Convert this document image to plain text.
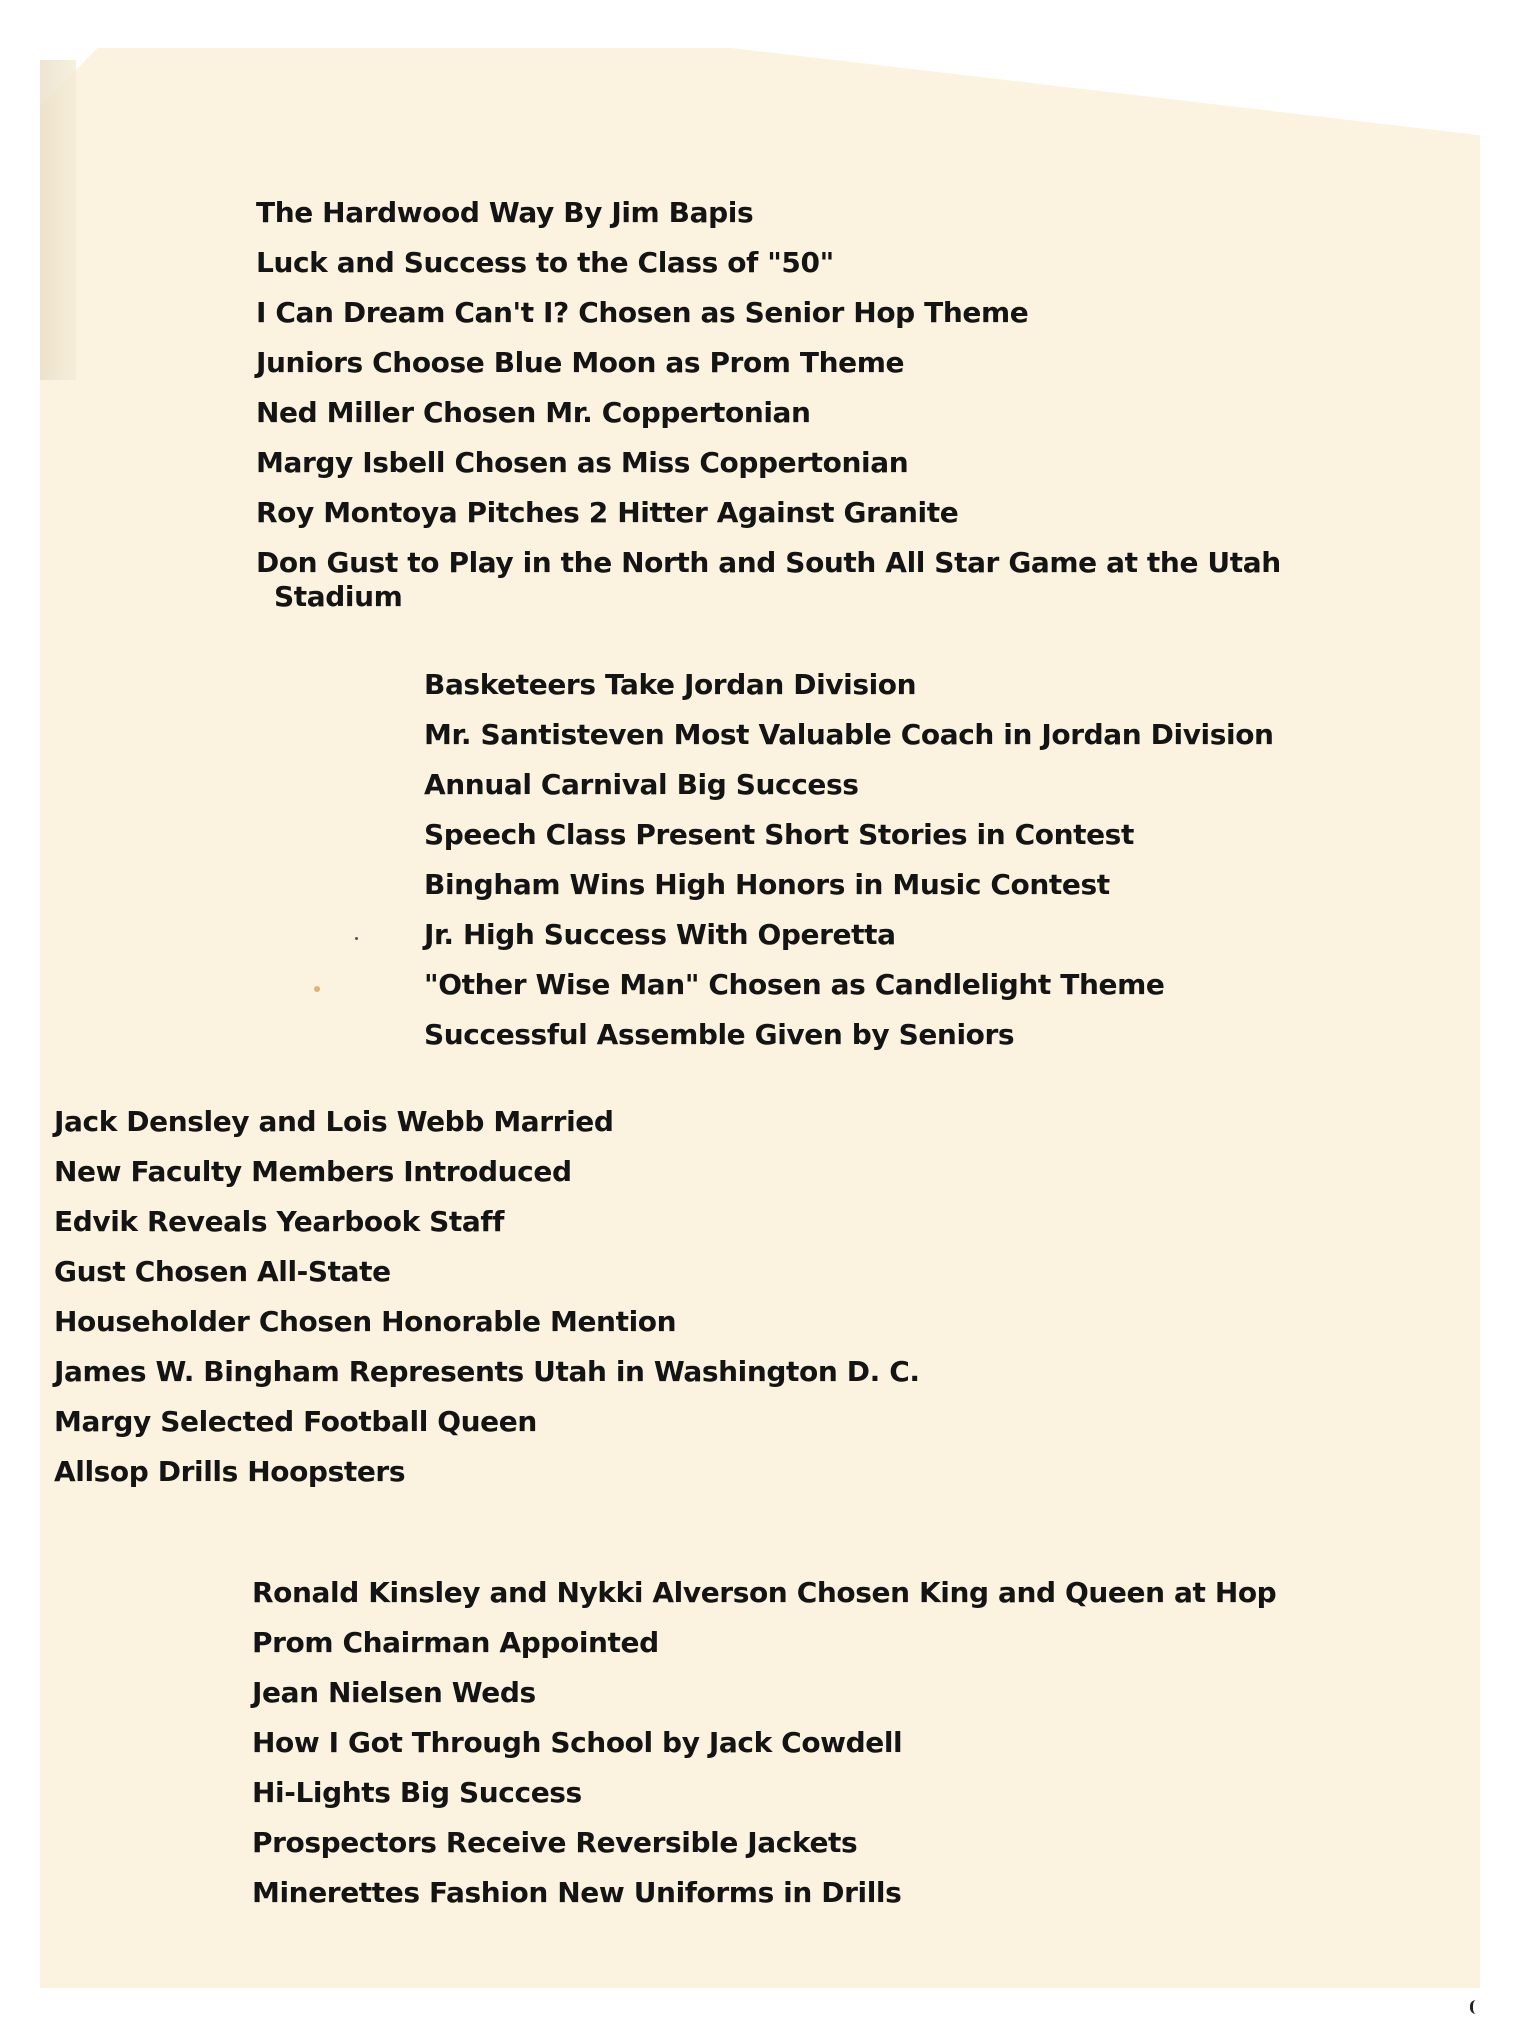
The Hardwood Way By Jim Bapis
Luck and Success to the Class of "50"
I Can Dream Can't I? Chosen as Senior Hop Theme
Juniors Choose Blue Moon as Prom Theme
Ned Miller Chosen Mr. Coppertonian
Margy Isbell Chosen as Miss Coppertonian
Roy Montoya Pitches 2 Hitter Against Granite
Don Gust to Play in the North and South All Star Game at the Utah
Stadium
Basketeers Take Jordan Division
Mr. Santisteven Most Valuable Coach in Jordan Division
Annual Carnival Big Success
Speech Class Present Short Stories in Contest
Bingham Wins High Honors in Music Contest
Jr. High Success With Operetta
"Other Wise Man" Chosen as Candlelight Theme
Successful Assemble Given by Seniors
Jack Densley and Lois Webb Married
New Faculty Members Introduced
Edvik Reveals Yearbook Staff
Gust Chosen All-State
Householder Chosen Honorable Mention
James W. Bingham Represents Utah in Washington D. C.
Margy Selected Football Queen
Allsop Drills Hoopsters
Ronald Kinsley and Nykki Alverson Chosen King and Queen at Hop
Prom Chairman Appointed
Jean Nielsen Weds
How I Got Through School by Jack Cowdell
Hi-Lights Big Success
Prospectors Receive Reversible Jackets
Minerettes Fashion New Uniforms in Drills
